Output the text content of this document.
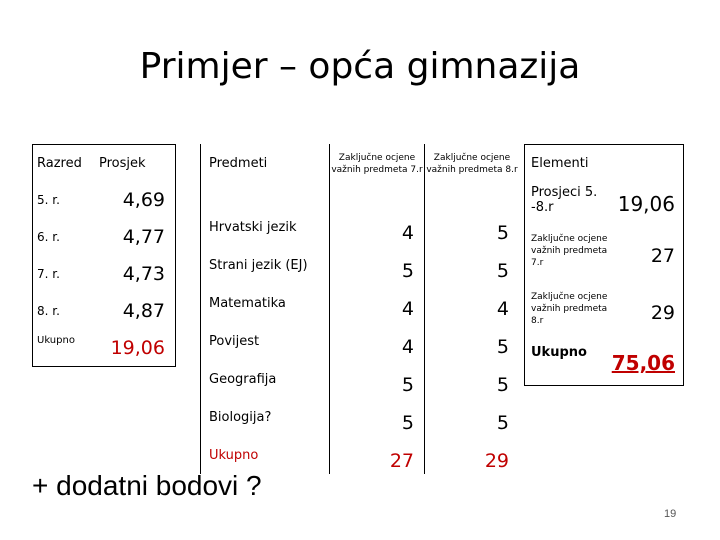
Primjer – opća gimnazija
Razred	Prosjek
5. r.	4,69
6. r.	4,77
7. r.	4,73
8. r.	4,87
Ukupno	19,06
Predmeti	Zaključne ocjene važnih predmeta 7.r	Zaključne ocjene važnih predmeta 8.r
Hrvatski jezik	4	5
Strani jezik (EJ)	5	5
Matematika	4	4
Povijest	4	5
Geografija	5	5
Biologija?	5	5
Ukupno	27	29
Elementi	
Prosjeci 5. -8.r	19,06
Zaključne ocjene važnih predmeta 7.r	27
Zaključne ocjene važnih predmeta 8.r	29
Ukupno	75,06
+ dodatni bodovi ?
19
